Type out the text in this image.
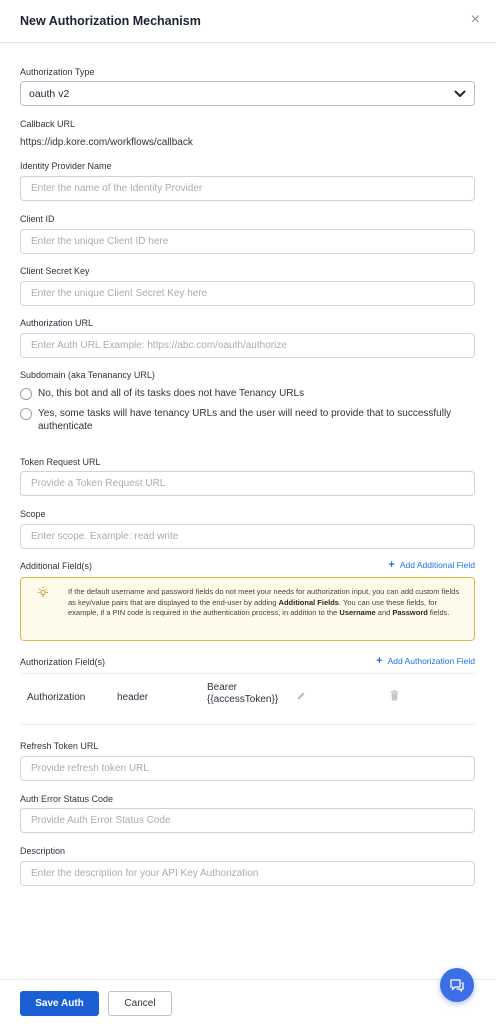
New Authorization Mechanism	×
Authorization Type
oauth v2
Callback URL
https://idp.kore.com/workflows/callback
Identity Provider Name
Enter the name of the Identity Provider
Client ID
Enter the unique Client ID here
Client Secret Key
Enter the unique Client Secret Key here
Authorization URL
Enter Auth URL Example: https://abc.com/oauth/authorize
Subdomain (aka Tenanancy URL)
No, this bot and all of its tasks does not have Tenancy URLs
Yes, some tasks will have tenancy URLs and the user will need to provide that to successfully authenticate
Token Request URL
Provide a Token Request URL
Scope
Enter scope. Example: read write
Additional Field(s)	+ Add Additional Field
If the default username and password fields do not meet your needs for authorization input, you can add custom fields as key/value pairs that are displayed to the end-user by adding Additional Fields. You can use these fields, for example, if a PIN code is required in the authentication process, in addition to the Username and Password fields.
Authorization Field(s)	+ Add Authorization Field
Authorization	header
Bearer
{{accessToken}}
Refresh Token URL
Provide refresh token URL
Auth Error Status Code
Provide Auth Error Status Code
Description
Enter the description for your API Key Authorization
Save Auth	Cancel
